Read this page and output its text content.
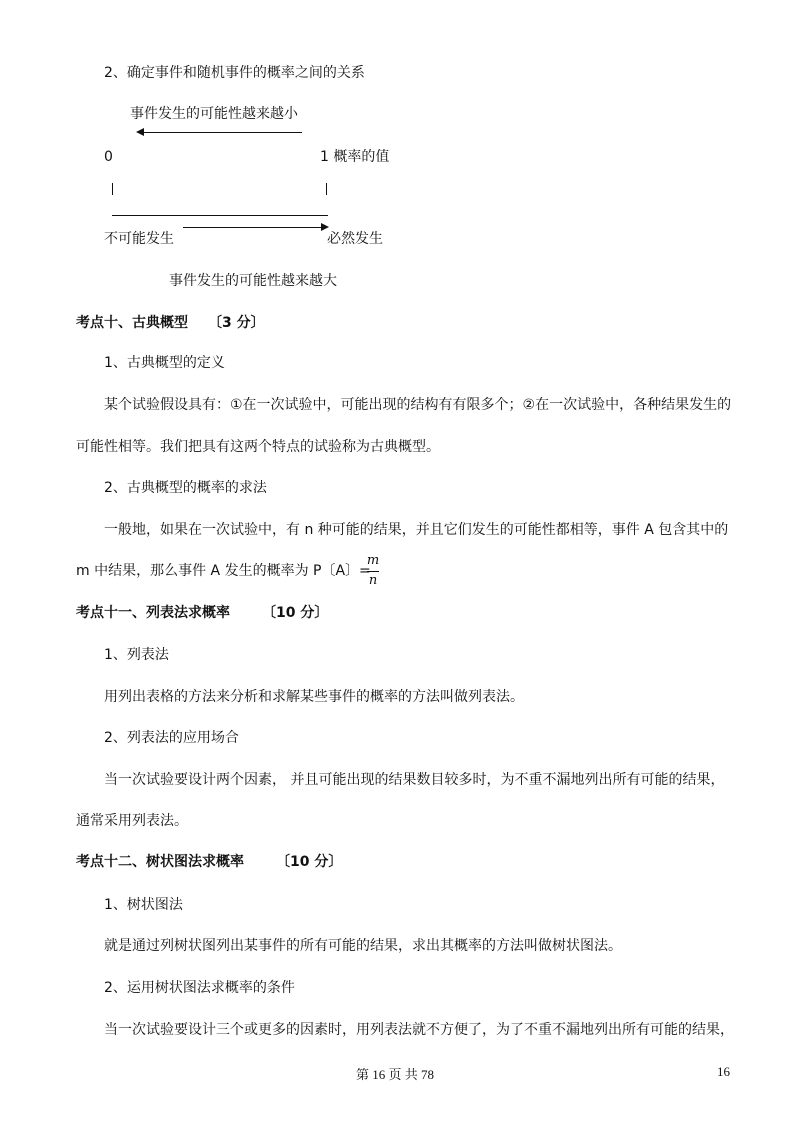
2、确定事件和随机事件的概率之间的关系
事件发生的可能性越来越小
0	1 概率的值
不可能发生	必然发生
事件发生的可能性越来越大
考点十、古典概型 〔3 分〕
1、古典概型的定义
某个试验假设具有：①在一次试验中，可能出现的结构有有限多个；②在一次试验中，各种结果发生的
可能性相等。我们把具有这两个特点的试验称为古典概型。
2、古典概型的概率的求法
一般地，如果在一次试验中，有 n 种可能的结果，并且它们发生的可能性都相等，事件 A 包含其中的
m 中结果，那么事件 A 发生的概率为 P〔A〕=
m
n
考点十一、列表法求概率 〔10 分〕
1、列表法
用列出表格的方法来分析和求解某些事件的概率的方法叫做列表法。
2、列表法的应用场合
当一次试验要设计两个因素， 并且可能出现的结果数目较多时，为不重不漏地列出所有可能的结果，
通常采用列表法。
考点十二、树状图法求概率 〔10 分〕
1、树状图法
就是通过列树状图列出某事件的所有可能的结果，求出其概率的方法叫做树状图法。
2、运用树状图法求概率的条件
当一次试验要设计三个或更多的因素时，用列表法就不方便了，为了不重不漏地列出所有可能的结果，
第 16 页 共 78	16
